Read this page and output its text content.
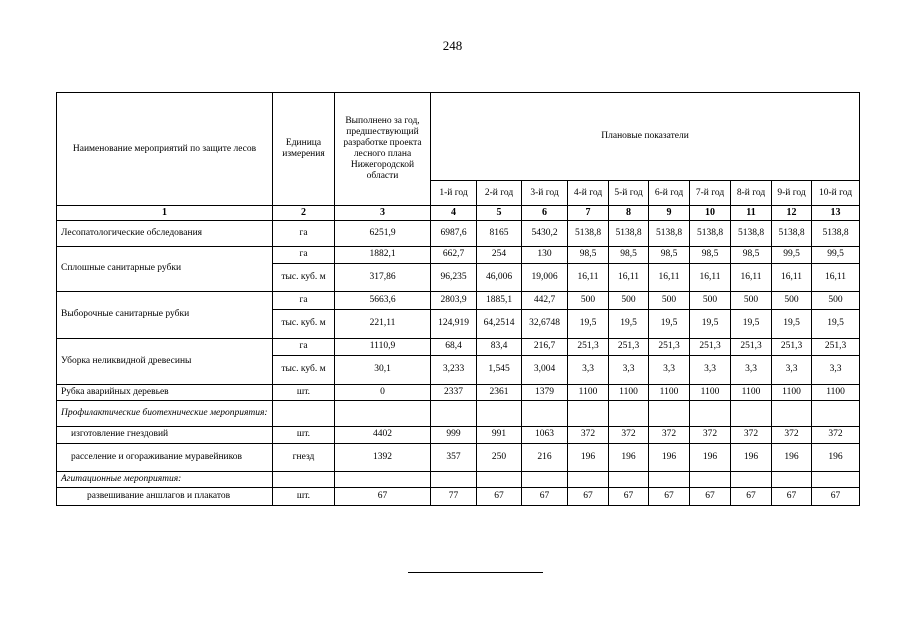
248
Наименование мероприятий по защите лесов	Единица измерения	Выполнено за год, предшествующий разработке проекта лесного плана Нижегородской области	Плановые показатели									
			1-й год	2-й год	3-й год	4-й год	5-й год	6-й год	7-й год	8-й год	9-й год	10-й год
1	2	3	4	5	6	7	8	9	10	11	12	13
Лесопатологические обследования	га	6251,9	6987,6	8165	5430,2	5138,8	5138,8	5138,8	5138,8	5138,8	5138,8	5138,8
Сплошные санитарные рубки	га	1882,1	662,7	254	130	98,5	98,5	98,5	98,5	98,5	99,5	99,5
	тыс. куб. м	317,86	96,235	46,006	19,006	16,11	16,11	16,11	16,11	16,11	16,11	16,11
Выборочные санитарные рубки	га	5663,6	2803,9	1885,1	442,7	500	500	500	500	500	500	500
	тыс. куб. м	221,11	124,919	64,2514	32,6748	19,5	19,5	19,5	19,5	19,5	19,5	19,5
Уборка неликвидной древесины	га	1110,9	68,4	83,4	216,7	251,3	251,3	251,3	251,3	251,3	251,3	251,3
	тыс. куб. м	30,1	3,233	1,545	3,004	3,3	3,3	3,3	3,3	3,3	3,3	3,3
Рубка аварийных деревьев	шт.	0	2337	2361	1379	1100	1100	1100	1100	1100	1100	1100
Профилактические биотехнические мероприятия:												
изготовление гнездовий	шт.	4402	999	991	1063	372	372	372	372	372	372	372
расселение и огораживание муравейников	гнезд	1392	357	250	216	196	196	196	196	196	196	196
Агитационные мероприятия:												
развешивание аншлагов и плакатов	шт.	67	77	67	67	67	67	67	67	67	67	67
